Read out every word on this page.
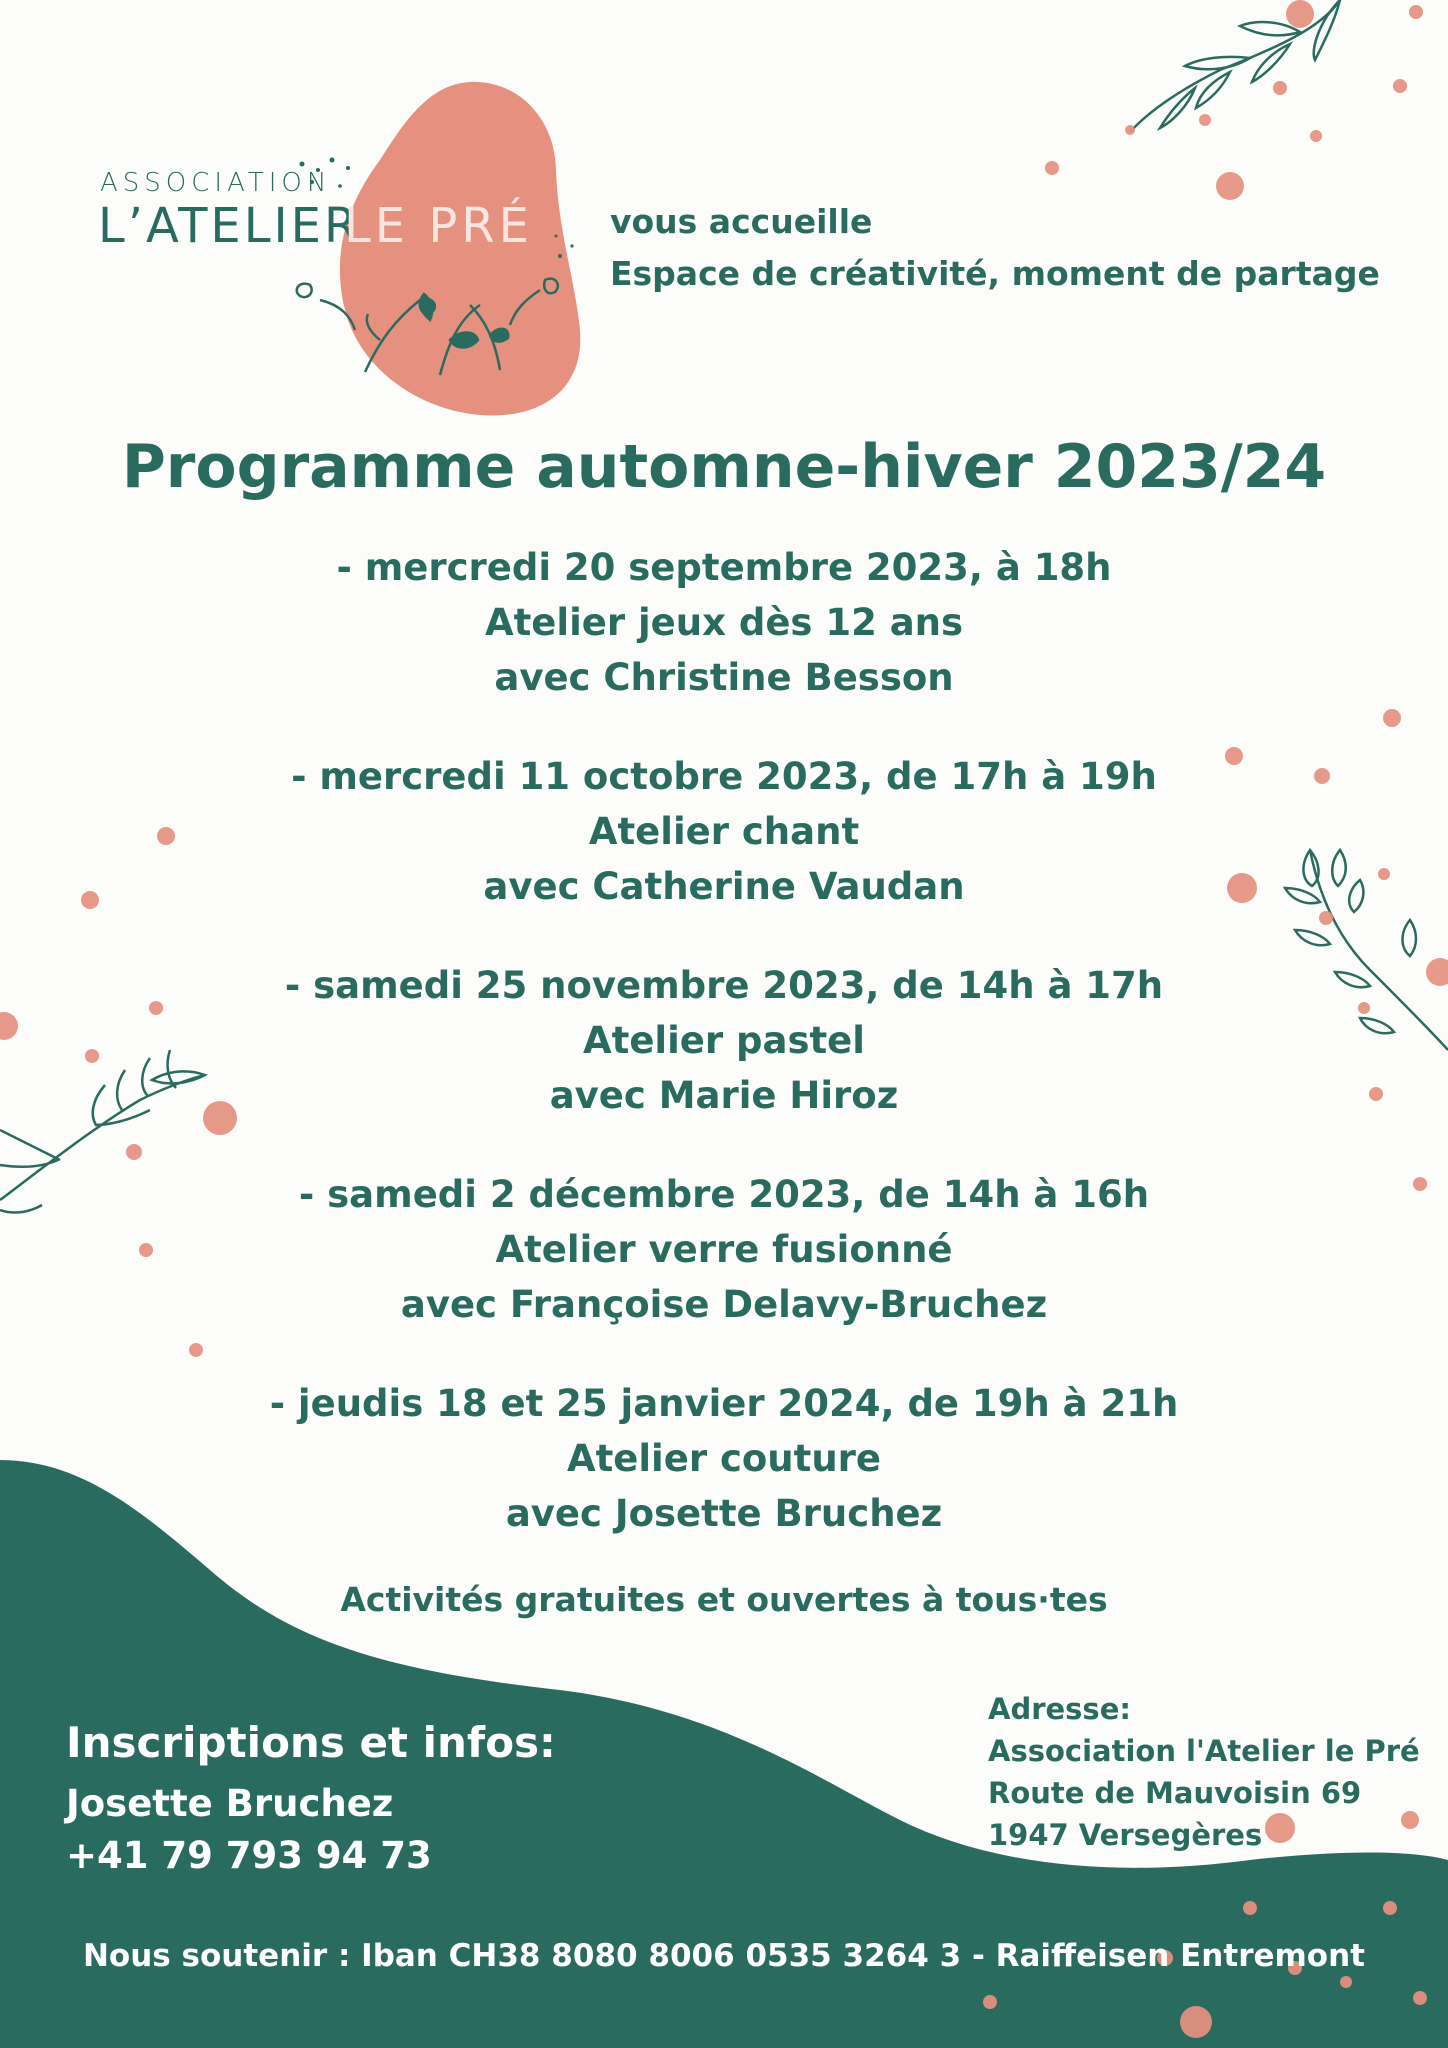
ASSOCIATION
L’ATELIER
LE PRÉ vous accueille
Espace de créativité, moment de partage
Programme automne-hiver 2023/24
- mercredi 20 septembre 2023, à 18h
Atelier jeux dès 12 ans
avec Christine Besson
- mercredi 11 octobre 2023, de 17h à 19h
Atelier chant
avec Catherine Vaudan
- samedi 25 novembre 2023, de 14h à 17h
Atelier pastel
avec Marie Hiroz
- samedi 2 décembre 2023, de 14h à 16h
Atelier verre fusionné
avec Françoise Delavy-Bruchez
- jeudis 18 et 25 janvier 2024, de 19h à 21h
Atelier couture
avec Josette Bruchez
Activités gratuites et ouvertes à tous·tes
Inscriptions et infos:
Josette Bruchez
+41 79 793 94 73
Adresse:
Association l'Atelier le Pré
Route de Mauvoisin 69
1947 Versegères
Nous soutenir : Iban CH38 8080 8006 0535 3264 3 - Raiffeisen Entremont
